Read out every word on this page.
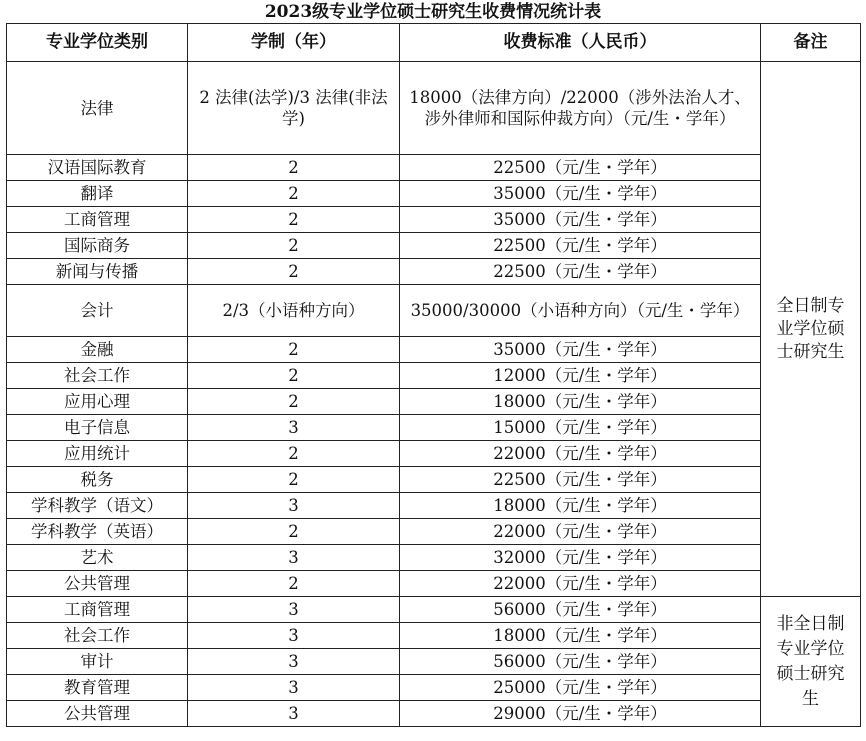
2023级专业学位硕士研究生收费情况统计表
专业学位类别	学制（年）	收费标准（人民币）	备注
法律	2 法律(法学)/3 法律(非法学)	18000（法律方向）/22000（涉外法治人才、涉外律师和国际仲裁方向）（元/生・学年）	全日制专业学位硕士研究生
汉语国际教育	2	22500（元/生・学年）	
翻译	2	35000（元/生・学年）	
工商管理	2	35000（元/生・学年）	
国际商务	2	22500（元/生・学年）	
新闻与传播	2	22500（元/生・学年）	
会计	2/3（小语种方向）	35000/30000（小语种方向）（元/生・学年）	
金融	2	35000（元/生・学年）	
社会工作	2	12000（元/生・学年）	
应用心理	2	18000（元/生・学年）	
电子信息	3	15000（元/生・学年）	
应用统计	2	22000（元/生・学年）	
税务	2	22500（元/生・学年）	
学科教学（语文）	3	18000（元/生・学年）	
学科教学（英语）	2	22000（元/生・学年）	
艺术	3	32000（元/生・学年）	
公共管理	2	22000（元/生・学年）	
工商管理	3	56000（元/生・学年）	非全日制专业学位硕士研究生
社会工作	3	18000（元/生・学年）	
审计	3	56000（元/生・学年）	
教育管理	3	25000（元/生・学年）	
公共管理	3	29000（元/生・学年）	
